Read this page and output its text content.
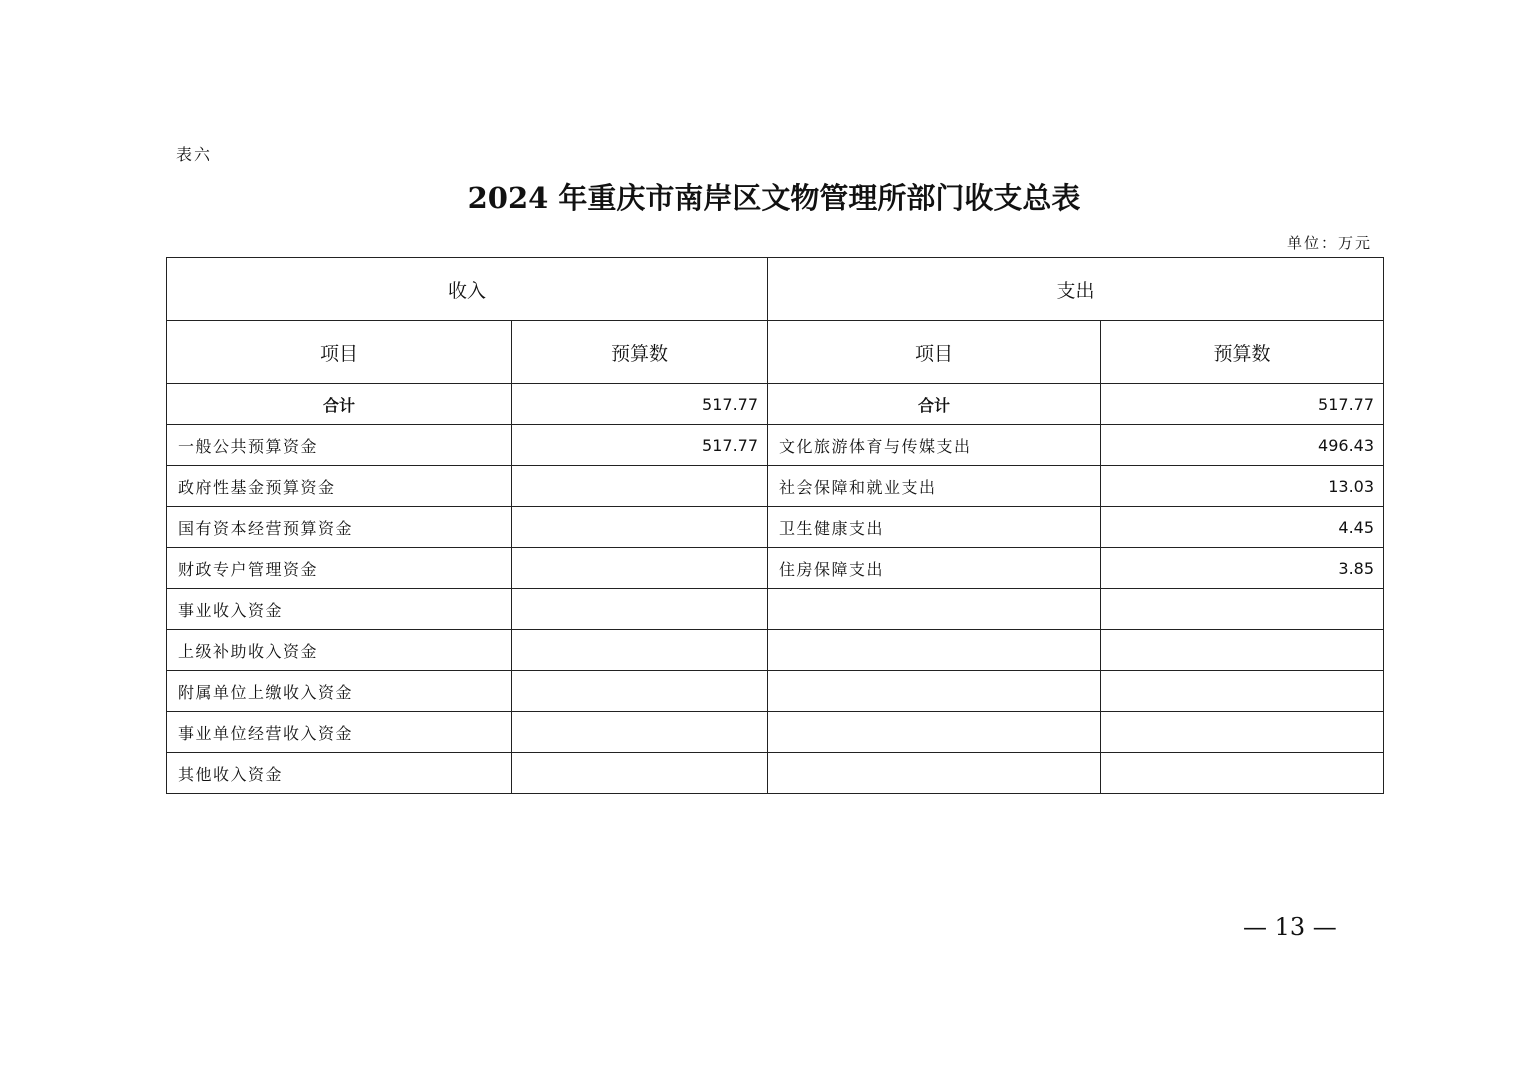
表六
2024 年重庆市南岸区文物管理所部门收支总表
单位：万元
收入		支出	
项目	预算数	项目	预算数
合计	517.77	合计	517.77
一般公共预算资金	517.77	文化旅游体育与传媒支出	496.43
政府性基金预算资金		社会保障和就业支出	13.03
国有资本经营预算资金		卫生健康支出	4.45
财政专户管理资金		住房保障支出	3.85
事业收入资金			
上级补助收入资金			
附属单位上缴收入资金			
事业单位经营收入资金			
其他收入资金			
— 13 —
